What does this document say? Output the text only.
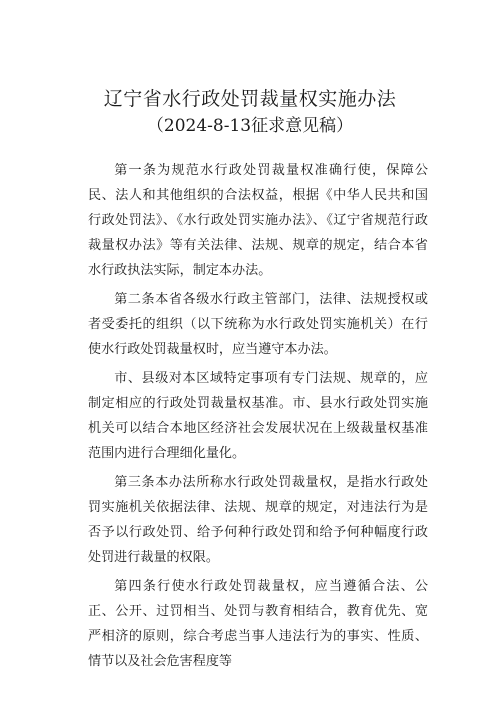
辽宁省水行政处罚裁量权实施办法

（2024-8-13征求意见稿）

第一条为规范水行政处罚裁量权准确行使，保障公民、法人和其他组织的合法权益，根据《中华人民共和国行政处罚法》、《水行政处罚实施办法》、《辽宁省规范行政裁量权办法》等有关法律、法规、规章的规定，结合本省水行政执法实际，制定本办法。

第二条本省各级水行政主管部门，法律、法规授权或者受委托的组织（以下统称为水行政处罚实施机关）在行使水行政处罚裁量权时，应当遵守本办法。

市、县级对本区域特定事项有专门法规、规章的，应制定相应的行政处罚裁量权基准。市、县水行政处罚实施机关可以结合本地区经济社会发展状况在上级裁量权基准范围内进行合理细化量化。

第三条本办法所称水行政处罚裁量权，是指水行政处罚实施机关依据法律、法规、规章的规定，对违法行为是否予以行政处罚、给予何种行政处罚和给予何种幅度行政处罚进行裁量的权限。

第四条行使水行政处罚裁量权，应当遵循合法、公正、公开、过罚相当、处罚与教育相结合，教育优先、宽严相济的原则，综合考虑当事人违法行为的事实、性质、情节以及社会危害程度等
